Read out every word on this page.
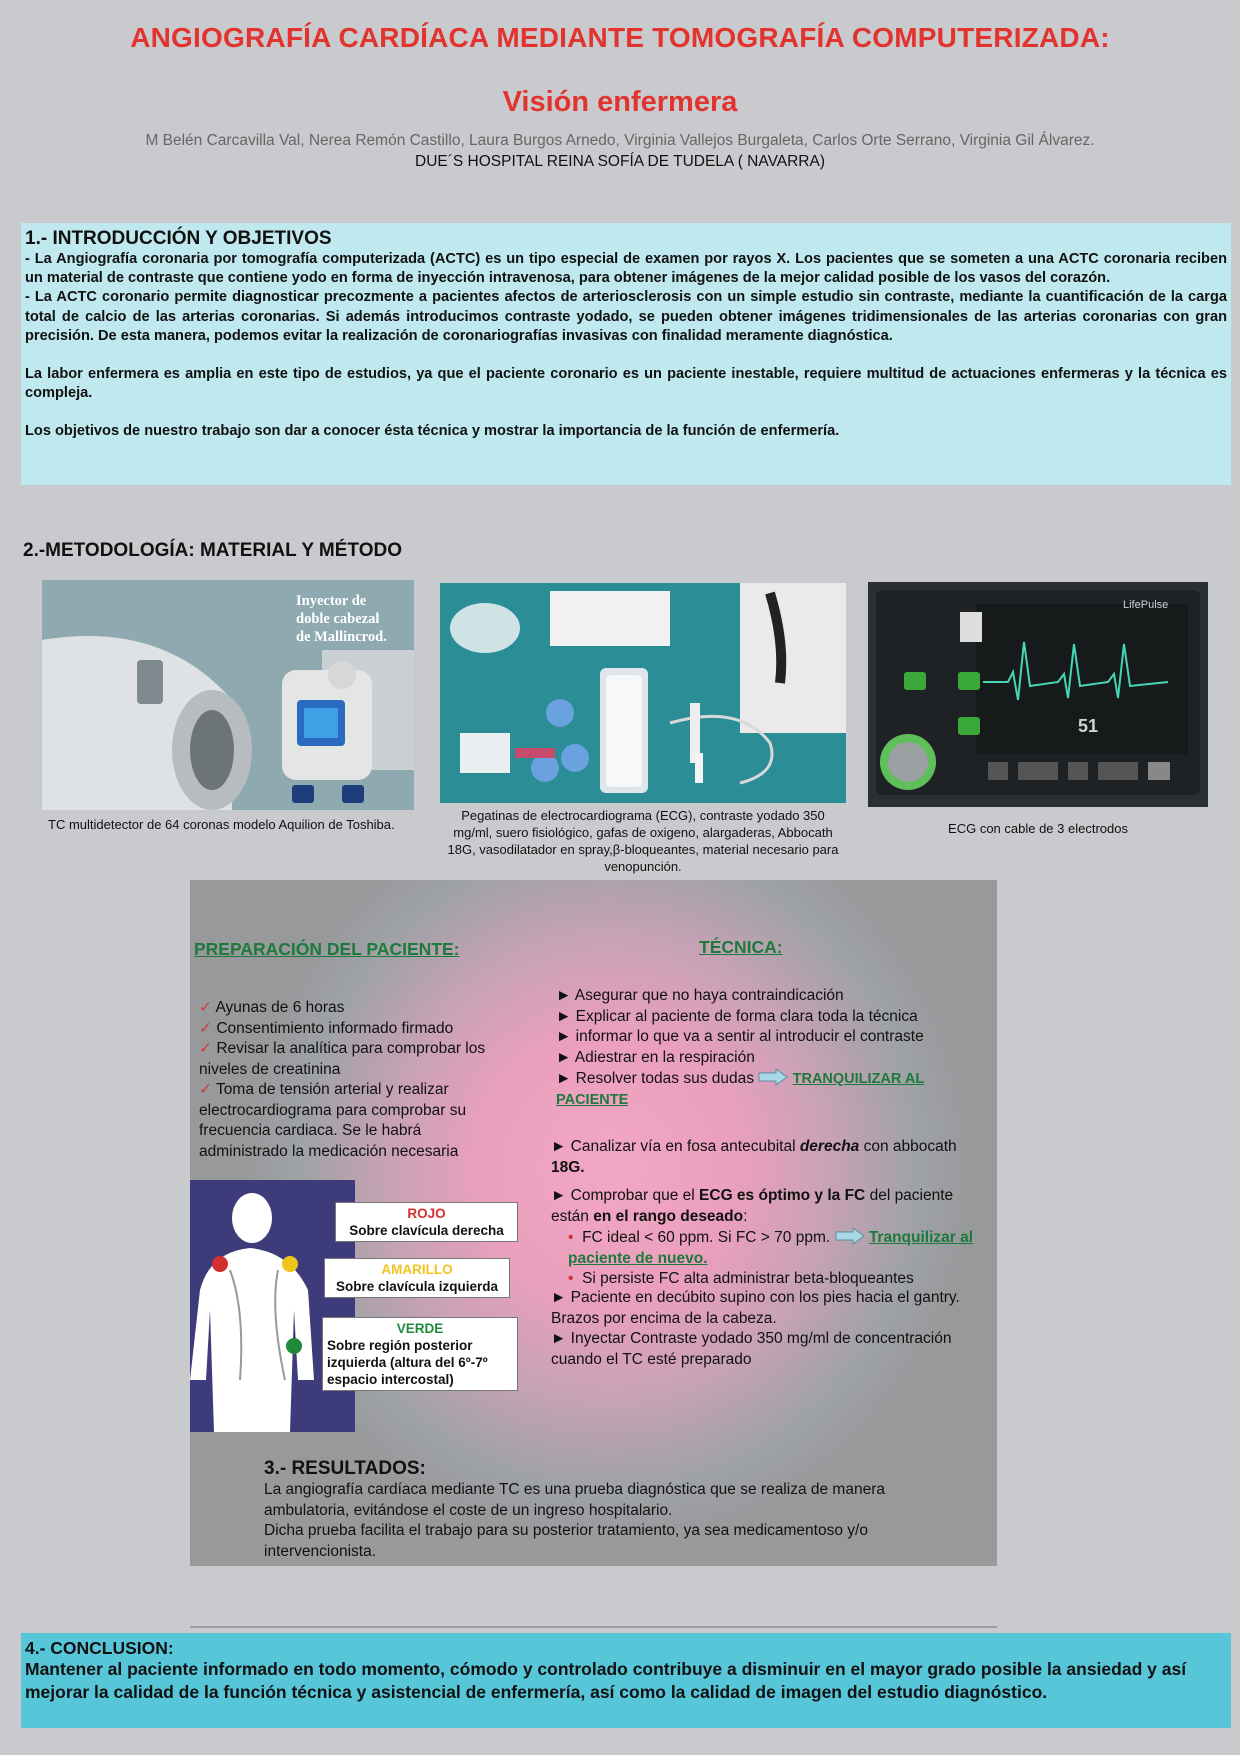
ANGIOGRAFÍA CARDÍACA MEDIANTE TOMOGRAFÍA COMPUTERIZADA:
Visión enfermera
M Belén Carcavilla Val, Nerea Remón Castillo, Laura Burgos Arnedo, Virginia Vallejos Burgaleta, Carlos Orte Serrano, Virginia Gil Álvarez.
DUE´S HOSPITAL REINA SOFÍA DE TUDELA ( NAVARRA)
1.- INTRODUCCIÓN Y OBJETIVOS

- La Angiografía coronaria por tomografía computerizada (ACTC) es un tipo especial de examen por rayos X. Los pacientes que se someten a una ACTC coronaria reciben un material de contraste que contiene yodo en forma de inyección intravenosa, para obtener imágenes de la mejor calidad posible de los vasos del corazón.

- La ACTC coronario permite diagnosticar precozmente a pacientes afectos de arteriosclerosis con un simple estudio sin contraste, mediante la cuantificación de la carga total de calcio de las arterias coronarias. Si además introducimos contraste yodado, se pueden obtener imágenes tridimensionales de las arterias coronarias con gran precisión. De esta manera, podemos evitar la realización de coronariografías invasivas con finalidad meramente diagnóstica.

La labor enfermera es amplia en este tipo de estudios, ya que el paciente coronario es un paciente inestable, requiere multitud de actuaciones enfermeras y la técnica es compleja.

Los objetivos de nuestro trabajo son dar a conocer ésta técnica y mostrar la importancia de la función de enfermería.

2.-METODOLOGÍA: MATERIAL Y MÉTODO
Inyector de
doble cabezal
de Mallincrod.
TC multidetector de 64 coronas modelo Aquilion de Toshiba.
Pegatinas de electrocardiograma (ECG), contraste yodado 350 mg/ml, suero fisiológico, gafas de oxigeno, alargaderas, Abbocath 18G, vasodilatador en spray,β-bloqueantes, material necesario para venopunción.
LifePulse
51
ECG con cable de 3 electrodos
PREPARACIÓN DEL PACIENTE:
✓ Ayunas de 6 horas
✓ Consentimiento informado firmado
✓ Revisar la analítica para comprobar los niveles de creatinina
✓ Toma de tensión arterial y realizar electrocardiograma para comprobar su frecuencia cardiaca. Se le habrá administrado la medicación necesaria
ROJO
Sobre clavícula derecha
AMARILLO
Sobre clavícula izquierda
VERDE
Sobre región posterior izquierda (altura del 6º-7º espacio intercostal)
TÉCNICA:
► Asegurar que no haya contraindicación
► Explicar al paciente de forma clara toda la técnica
► informar lo que va a sentir al introducir el contraste
► Adiestrar en la respiración
► Resolver todas sus dudas	TRANQUILIZAR AL PACIENTE
► Canalizar vía en fosa antecubital derecha con abbocath 18G.
► Comprobar que el ECG es óptimo y la FC del paciente están en el rango deseado:
• FC ideal < 60 ppm. Si FC > 70 ppm. Tranquilizar al paciente de nuevo.
• Si persiste FC alta administrar beta-bloqueantes
► Paciente en decúbito supino con los pies hacia el gantry. Brazos por encima de la cabeza.
► Inyectar Contraste yodado 350 mg/ml de concentración cuando el TC esté preparado
3.- RESULTADOS:

La angiografía cardíaca mediante TC es una prueba diagnóstica que se realiza de manera ambulatoria, evitándose el coste de un ingreso hospitalario.

Dicha prueba facilita el trabajo para su posterior tratamiento, ya sea medicamentoso y/o intervencionista.

4.- CONCLUSION:

Mantener al paciente informado en todo momento, cómodo y controlado contribuye a disminuir en el mayor grado posible la ansiedad y así mejorar la calidad de la función técnica y asistencial de enfermería, así como la calidad de imagen del estudio diagnóstico.
